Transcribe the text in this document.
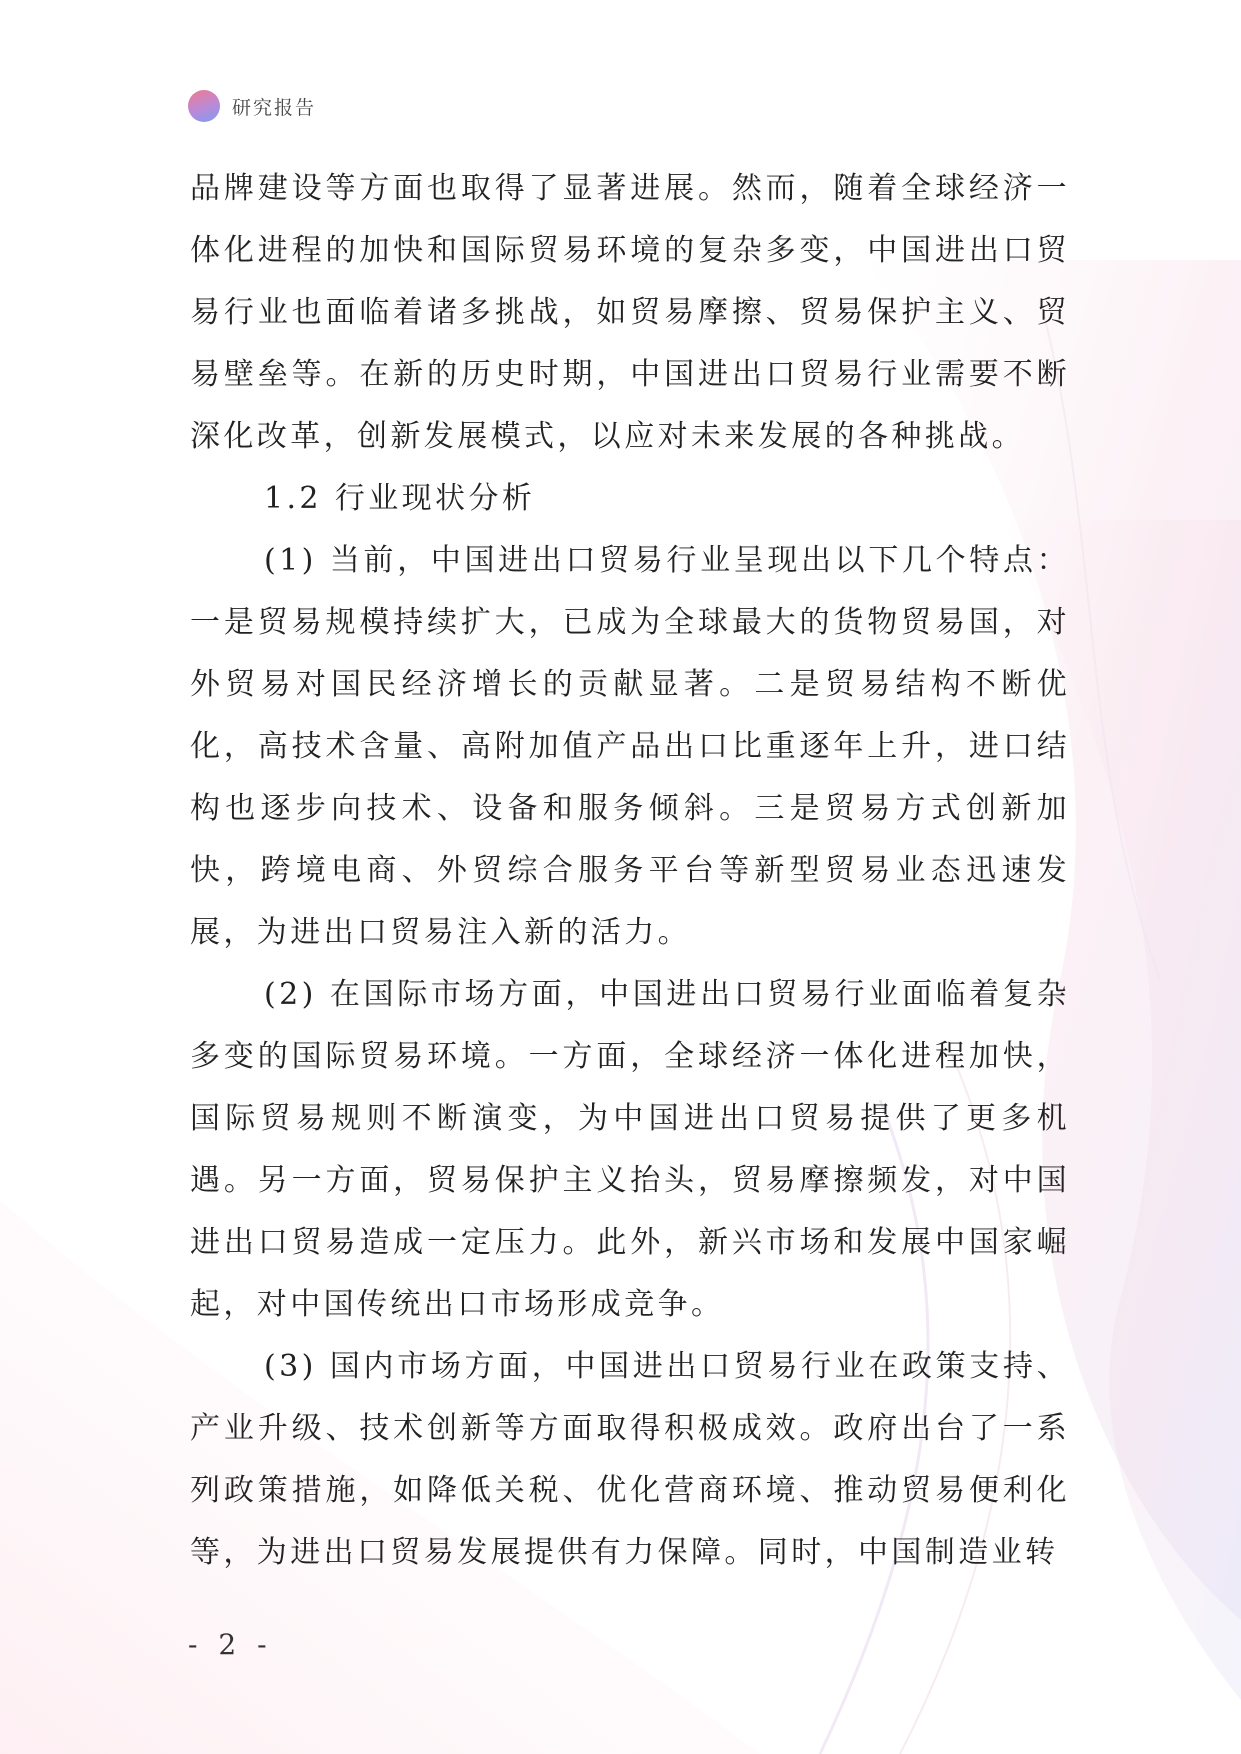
研究报告

品牌建设等方面也取得了显著进展。然而，随着全球经济一体化进程的加快和国际贸易环境的复杂多变，中国进出口贸易行业也面临着诸多挑战，如贸易摩擦、贸易保护主义、贸易壁垒等。在新的历史时期，中国进出口贸易行业需要不断深化改革，创新发展模式，以应对未来发展的各种挑战。

1.2 行业现状分析

(1) 当前，中国进出口贸易行业呈现出以下几个特点：一是贸易规模持续扩大，已成为全球最大的货物贸易国，对外贸易对国民经济增长的贡献显著。二是贸易结构不断优化，高技术含量、高附加值产品出口比重逐年上升，进口结构也逐步向技术、设备和服务倾斜。三是贸易方式创新加快，跨境电商、外贸综合服务平台等新型贸易业态迅速发展，为进出口贸易注入新的活力。

(2) 在国际市场方面，中国进出口贸易行业面临着复杂多变的国际贸易环境。一方面，全球经济一体化进程加快，国际贸易规则不断演变，为中国进出口贸易提供了更多机遇。另一方面，贸易保护主义抬头，贸易摩擦频发，对中国进出口贸易造成一定压力。此外，新兴市场和发展中国家崛起，对中国传统出口市场形成竞争。

(3) 国内市场方面，中国进出口贸易行业在政策支持、产业升级、技术创新等方面取得积极成效。政府出台了一系列政策措施，如降低关税、优化营商环境、推动贸易便利化等，为进出口贸易发展提供有力保障。同时，中国制造业转

- 2 -
